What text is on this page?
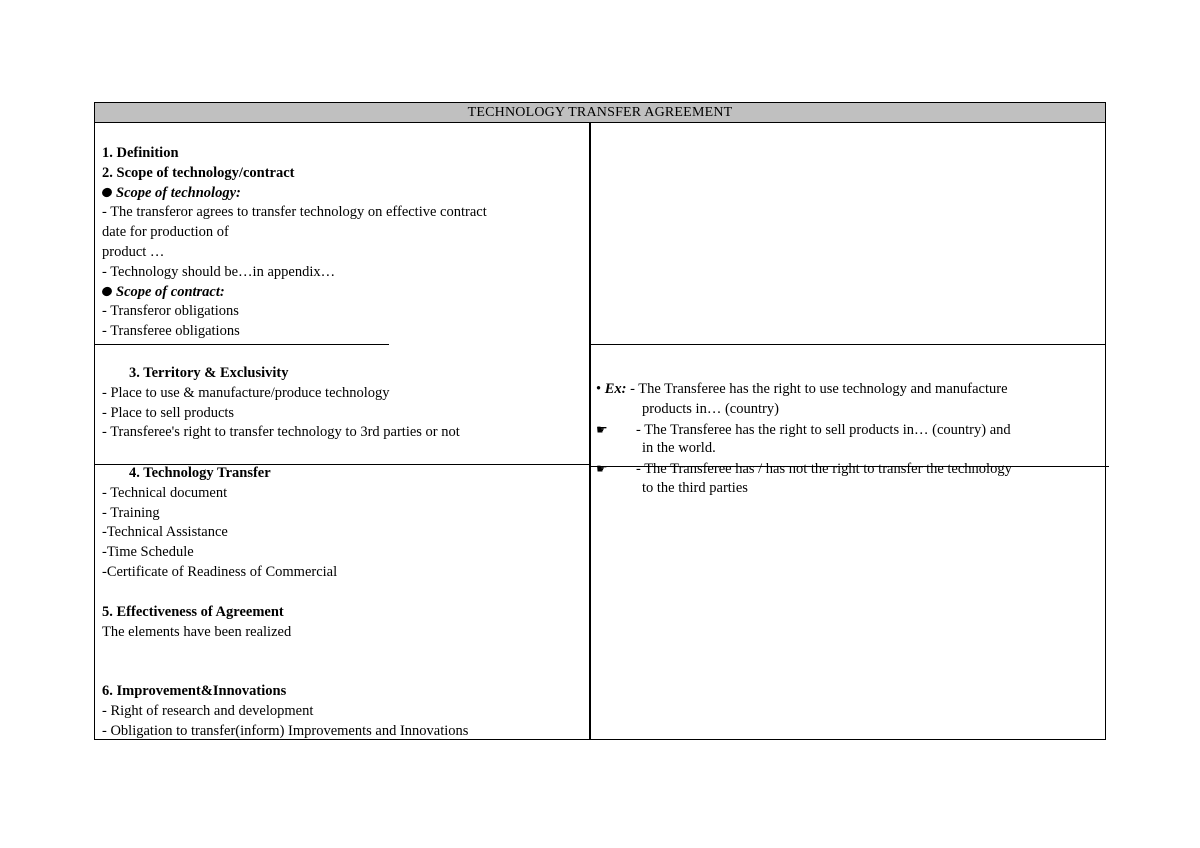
TECHNOLOGY TRANSFER AGREEMENT
1. Definition
2. Scope of technology/contract
Scope of technology:
- The transferor agrees to transfer technology on effective contract
date for production of
product …
- Technology should be…in appendix…
Scope of contract:
- Transferor obligations
- Transferee obligations
3. Territory & Exclusivity
- Place to use & manufacture/produce technology
- Place to sell products
- Transferee's right to transfer technology to 3rd parties or not
• Ex: - The Transferee has the right to use technology and manufacture
products in… (country)
☛ - The Transferee has the right to sell products in… (country) and
in the world.
☛ - The Transferee has / has not the right to transfer the technology
to the third parties
4. Technology Transfer
- Technical document
- Training
-Technical Assistance
-Time Schedule
-Certificate of Readiness of Commercial
5. Effectiveness of Agreement
The elements have been realized
6. Improvement&Innovations
- Right of research and development
- Obligation to transfer(inform) Improvements and Innovations
